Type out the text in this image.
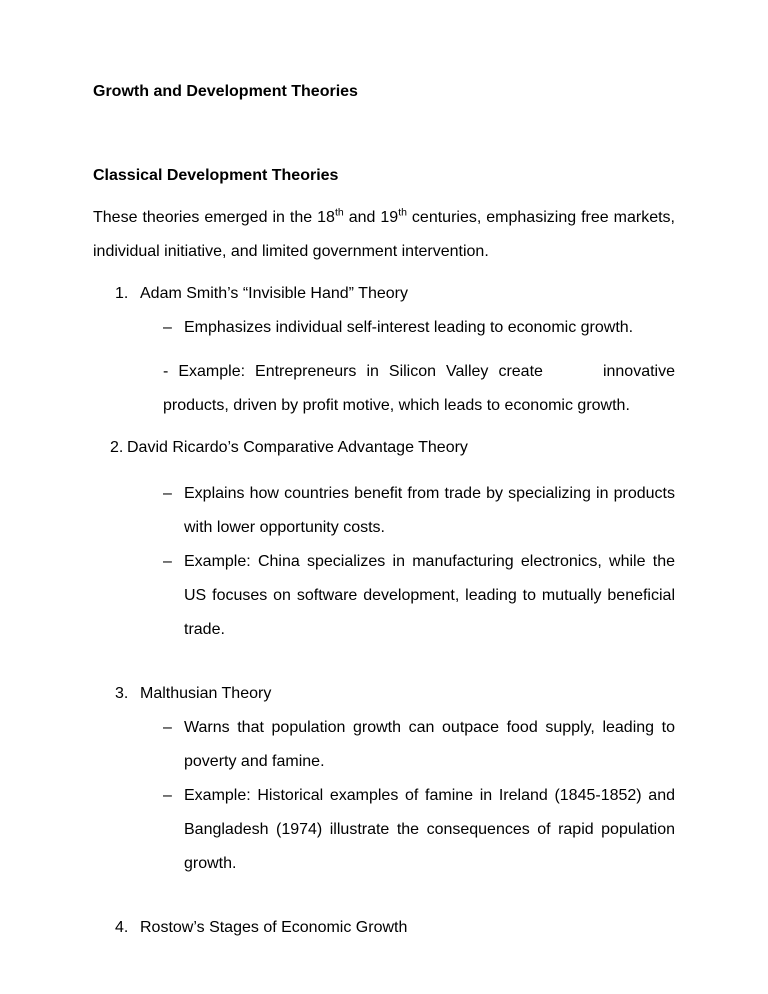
Growth and Development Theories
Classical Development Theories

These theories emerged in the 18th and 19th centuries, emphasizing free markets, individual initiative, and limited government intervention.

1. Adam Smith’s “Invisible Hand” Theory
– Emphasizes individual self-interest leading to economic growth.

- Example: Entrepreneurs in Silicon Valley create      innovative products, driven by profit motive, which leads to economic growth.

2. David Ricardo’s Comparative Advantage Theory
– Explains how countries benefit from trade by specializing in products with lower opportunity costs.
– Example: China specializes in manufacturing electronics, while the US focuses on software development, leading to mutually beneficial trade.
3. Malthusian Theory
– Warns that population growth can outpace food supply, leading to poverty and famine.
– Example: Historical examples of famine in Ireland (1845-1852) and Bangladesh (1974) illustrate the consequences of rapid population growth.
4. Rostow’s Stages of Economic Growth
